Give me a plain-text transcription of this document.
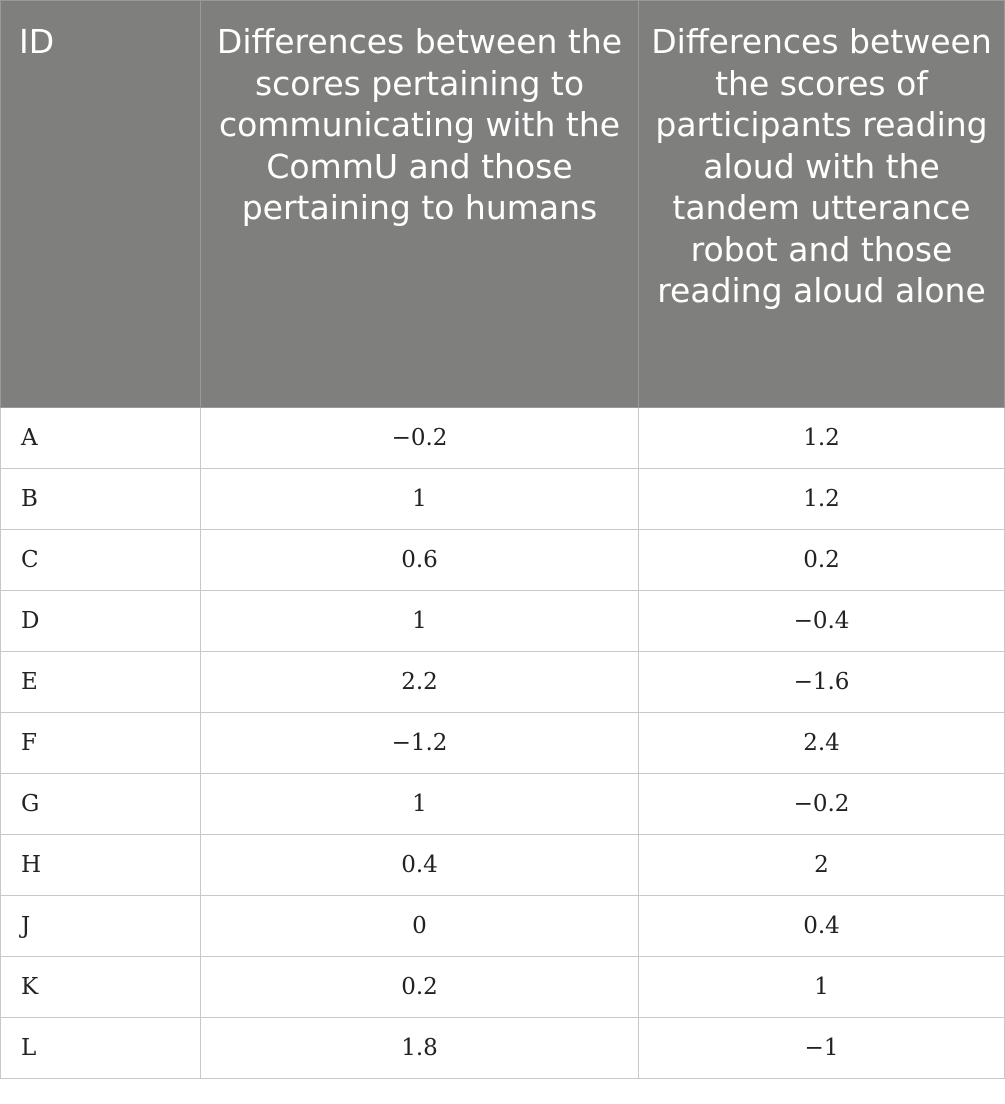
ID	Differences between the scores pertaining to communicating with the CommU and those pertaining to humans	Differences between the scores of participants reading aloud with the tandem utterance robot and those reading aloud alone
A	−0.2	1.2
B	1	1.2
C	0.6	0.2
D	1	−0.4
E	2.2	−1.6
F	−1.2	2.4
G	1	−0.2
H	0.4	2
J	0	0.4
K	0.2	1
L	1.8	−1
